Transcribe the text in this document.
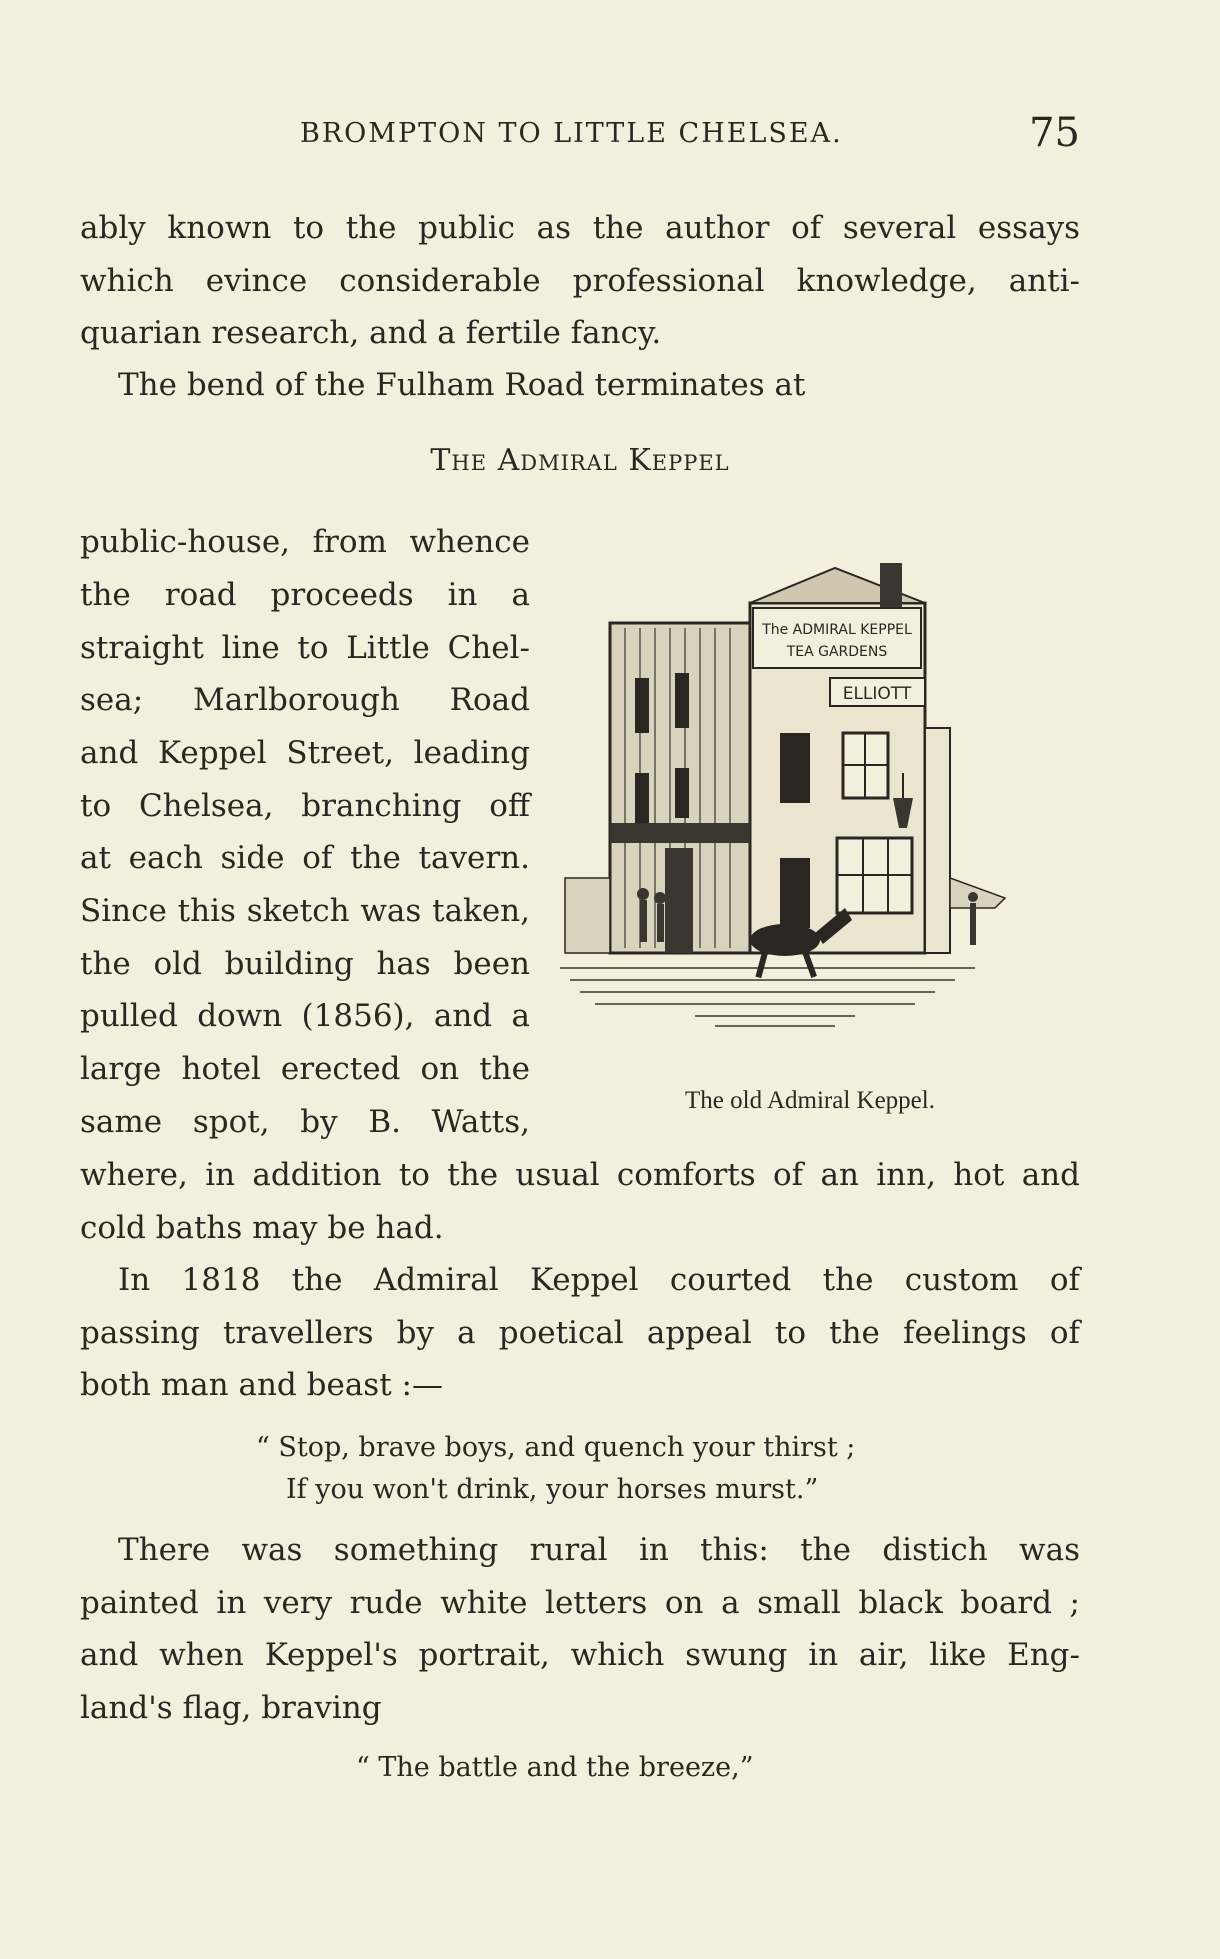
BROMPTON TO LITTLE CHELSEA.	75
ably known to the public as the author of several essays
which evince considerable professional knowledge, anti-
quarian research, and a fertile fancy.
The bend of the Fulham Road terminates at
The Admiral Keppel
public-house, from whence
the road proceeds in a
straight line to Little Chel-
sea; Marlborough Road
and Keppel Street, leading
to Chelsea, branching off
at each side of the tavern.
Since this sketch was taken,
the old building has been
pulled down (1856), and a
large hotel erected on the
same spot, by B. Watts,
The ADMIRAL KEPPEL
TEA GARDENS
ELLIOTT
The old Admiral Keppel.
where, in addition to the usual comforts of an inn, hot and
cold baths may be had.
In 1818 the Admiral Keppel courted the custom of
passing travellers by a poetical appeal to the feelings of
both man and beast :—
“ Stop, brave boys, and quench your thirst ;
If you won't drink, your horses murst.”
There was something rural in this: the distich was
painted in very rude white letters on a small black board ;
and when Keppel's portrait, which swung in air, like Eng-
land's flag, braving
“ The battle and the breeze,”
